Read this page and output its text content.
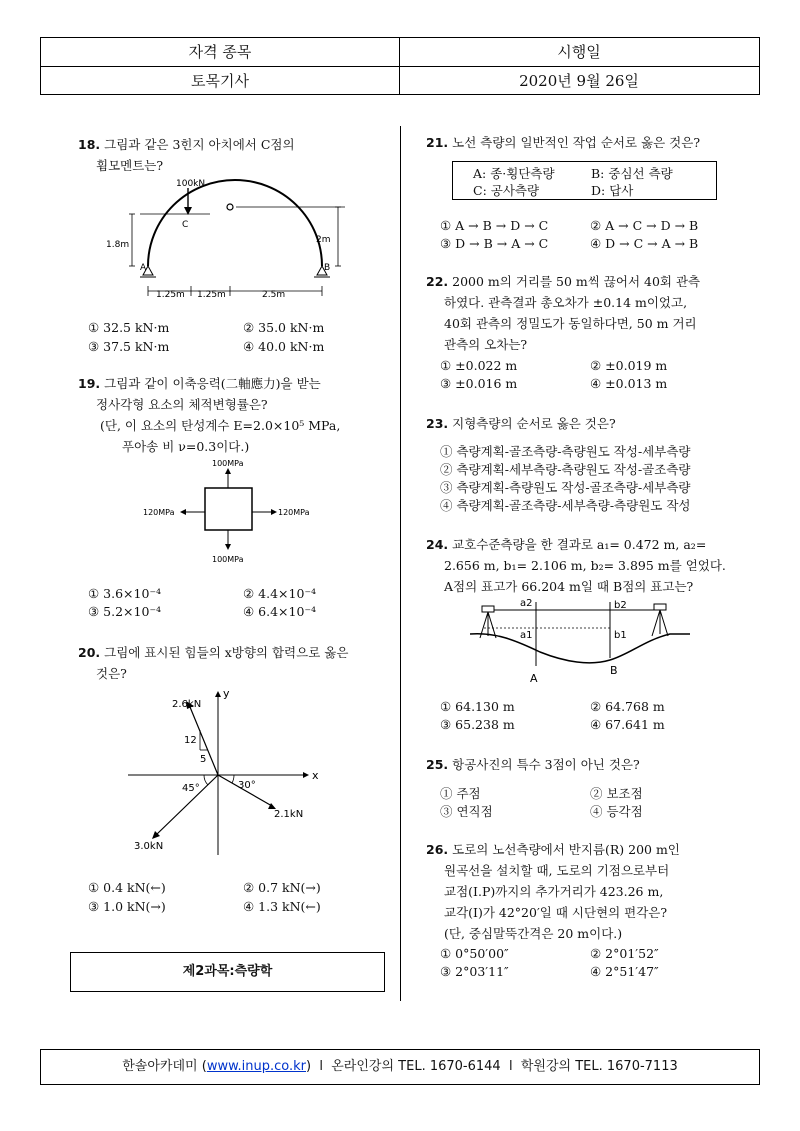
자격 종목	시행일
토목기사	2020년 9월 26일
18. 그림과 같은 3힌지 아치에서 C점의
휨모멘트는?
100kN
C
A	B
1.8m	2m
1.25m 1.25m	2.5m
① 32.5 kN·m	② 35.0 kN·m
③ 37.5 kN·m	④ 40.0 kN·m
19. 그림과 같이 이축응력(二軸應力)을 받는
정사각형 요소의 체적변형률은?
(단, 이 요소의 탄성계수 E=2.0×10⁵ MPa,
푸아송 비 ν=0.3이다.)
100MPa
100MPa
120MPa	120MPa
① 3.6×10⁻⁴	② 4.4×10⁻⁴
③ 5.2×10⁻⁴	④ 6.4×10⁻⁴
20. 그림에 표시된 힘들의 x방향의 합력으로 옳은
것은?
2.6kN
2.1kN
3.0kN
12
5
45°	30°
x
y
① 0.4 kN(←)	② 0.7 kN(→)
③ 1.0 kN(→)	④ 1.3 kN(←)
제2과목:측량학
21. 노선 측량의 일반적인 작업 순서로 옳은 것은?
A: 종·횡단측량	B: 중심선 측량
C: 공사측량	D: 답사
① A → B → D → C	② A → C → D → B
③ D → B → A → C	④ D → C → A → B
22. 2000 m의 거리를 50 m씩 끊어서 40회 관측
하였다. 관측결과 총오차가 ±0.14 m이었고,
40회 관측의 정밀도가 동일하다면, 50 m 거리
관측의 오차는?
① ±0.022 m	② ±0.019 m
③ ±0.016 m	④ ±0.013 m
23. 지형측량의 순서로 옳은 것은?
① 측량계획-골조측량-측량원도 작성-세부측량
② 측량계획-세부측량-측량원도 작성-골조측량
③ 측량계획-측량원도 작성-골조측량-세부측량
④ 측량계획-골조측량-세부측량-측량원도 작성
24. 교호수준측량을 한 결과로 a₁= 0.472 m, a₂=
2.656 m, b₁= 2.106 m, b₂= 3.895 m를 얻었다.
A점의 표고가 66.204 m일 때 B점의 표고는?
a2	b2
a1	b1
A
B
① 64.130 m	② 64.768 m
③ 65.238 m	④ 67.641 m
25. 항공사진의 특수 3점이 아닌 것은?
① 주점	② 보조점
③ 연직점	④ 등각점
26. 도로의 노선측량에서 반지름(R) 200 m인
원곡선을 설치할 때, 도로의 기점으로부터
교점(I.P)까지의 추가거리가 423.26 m,
교각(I)가 42°20′일 때 시단현의 편각은?
(단, 중심말뚝간격은 20 m이다.)
① 0°50′00″	② 2°01′52″
③ 2°03′11″	④ 2°51′47″
한솔아카데미 (www.inup.co.kr)  l 온라인강의 TEL. 1670-6144 l 학원강의 TEL. 1670-7113
